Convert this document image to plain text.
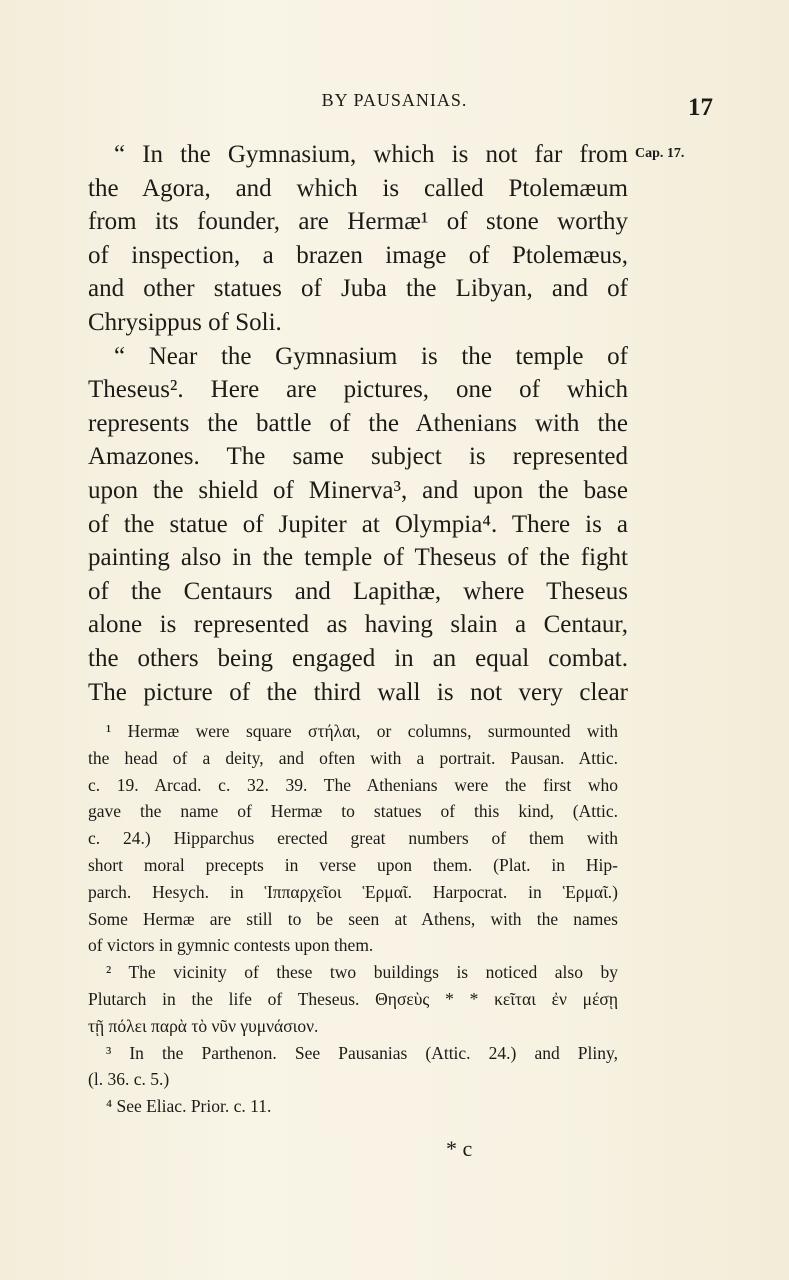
BY PAUSANIAS.	17
Cap. 17.
“ In the Gymnasium, which is not far from
the Agora, and which is called Ptolemæum
from its founder, are Hermæ¹ of stone worthy
of inspection, a brazen image of Ptolemæus,
and other statues of Juba the Libyan, and of
Chrysippus of Soli.
“ Near the Gymnasium is the temple of
Theseus². Here are pictures, one of which
represents the battle of the Athenians with the
Amazones. The same subject is represented
upon the shield of Minerva³, and upon the base
of the statue of Jupiter at Olympia⁴. There is a
painting also in the temple of Theseus of the fight
of the Centaurs and Lapithæ, where Theseus
alone is represented as having slain a Centaur,
the others being engaged in an equal combat.
The picture of the third wall is not very clear
¹ Hermæ were square στήλαι, or columns, surmounted with
the head of a deity, and often with a portrait. Pausan. Attic.
c. 19. Arcad. c. 32. 39. The Athenians were the first who
gave the name of Hermæ to statues of this kind, (Attic.
c. 24.) Hipparchus erected great numbers of them with
short moral precepts in verse upon them. (Plat. in Hip-
parch. Hesych. in Ἱππαρχεῖοι Ἑρμαῖ. Harpocrat. in Ἑρμαῖ.)
Some Hermæ are still to be seen at Athens, with the names
of victors in gymnic contests upon them.
² The vicinity of these two buildings is noticed also by
Plutarch in the life of Theseus. Θησεὺς * * κεῖται ἐν μέσῃ
τῇ πόλει παρὰ τὸ νῦν γυμνάσιον.
³ In the Parthenon. See Pausanias (Attic. 24.) and Pliny,
(l. 36. c. 5.)
⁴ See Eliac. Prior. c. 11.
* c
